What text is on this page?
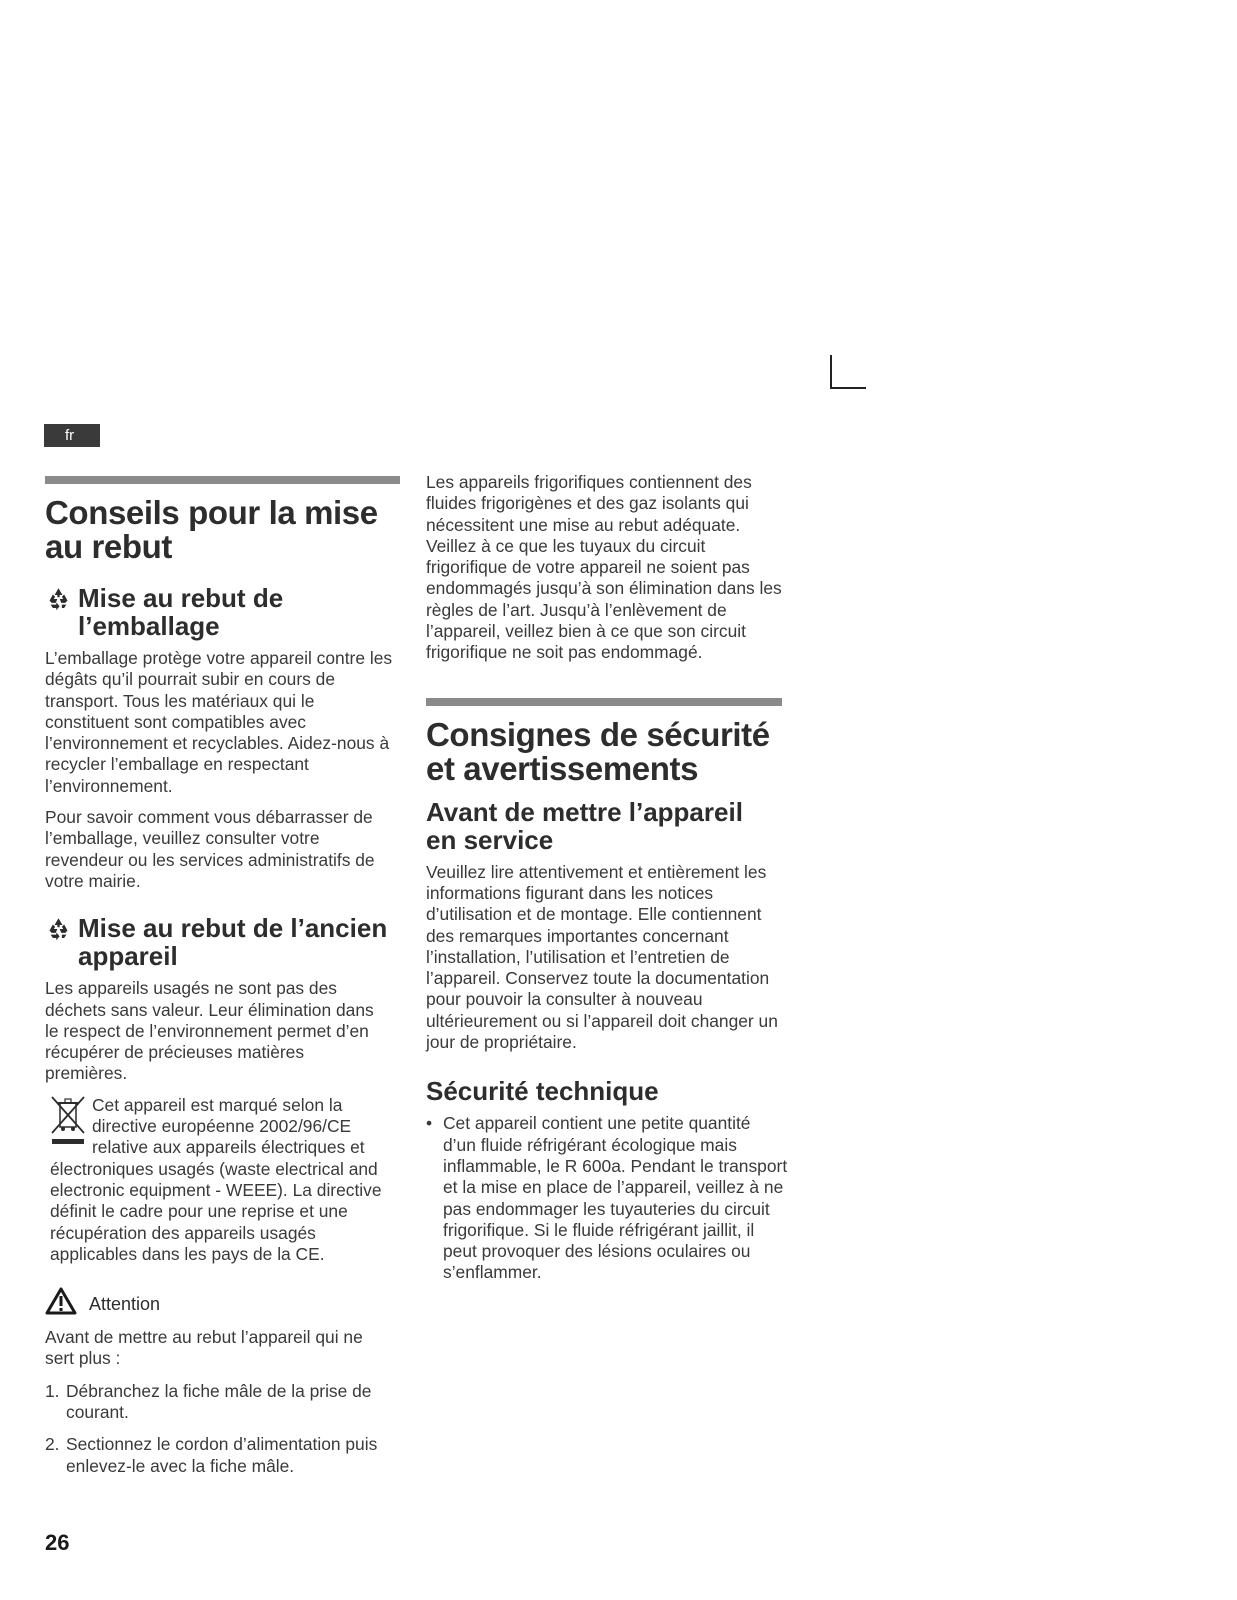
fr
Conseils pour la mise au rebut
Mise au rebut de l’emballage

L’emballage protège votre appareil contre les dégâts qu’il pourrait subir en cours de transport. Tous les matériaux qui le constituent sont compatibles avec l’environnement et recyclables. Aidez-nous à recycler l’emballage en respectant l’environnement.

Pour savoir comment vous débarrasser de l’emballage, veuillez consulter votre revendeur ou les services administratifs de votre mairie.

Mise au rebut de l’ancien appareil

Les appareils usagés ne sont pas des déchets sans valeur. Leur élimination dans le respect de l’environnement permet d’en récupérer de précieuses matières premières.

Cet appareil est marqué selon la directive européenne 2002/96/CE relative aux appareils électriques et électroniques usagés (waste electrical and electronic equipment - WEEE). La directive définit le cadre pour une reprise et une récupération des appareils usagés applicables dans les pays de la CE.

Attention

Avant de mettre au rebut l’appareil qui ne sert plus :

1. Débranchez la fiche mâle de la prise de courant.
2. Sectionnez le cordon d’alimentation puis enlevez-le avec la fiche mâle.

Les appareils frigorifiques contiennent des fluides frigorigènes et des gaz isolants qui nécessitent une mise au rebut adéquate. Veillez à ce que les tuyaux du circuit frigorifique de votre appareil ne soient pas endommagés jusqu’à son élimination dans les règles de l’art. Jusqu’à l’enlèvement de l’appareil, veillez bien à ce que son circuit frigorifique ne soit pas endommagé.

Consignes de sécurité et avertissements
Avant de mettre l’appareil en service

Veuillez lire attentivement et entièrement les informations figurant dans les notices d’utilisation et de montage. Elle contiennent des remarques importantes concernant l’installation, l’utilisation et l’entretien de l’appareil. Conservez toute la documentation pour pouvoir la consulter à nouveau ultérieurement ou si l’appareil doit changer un jour de propriétaire.

Sécurité technique
• Cet appareil contient une petite quantité d’un fluide réfrigérant écologique mais inflammable, le R 600a. Pendant le transport et la mise en place de l’appareil, veillez à ne pas endommager les tuyauteries du circuit frigorifique. Si le fluide réfrigérant jaillit, il peut provoquer des lésions oculaires ou s’enflammer.
26
